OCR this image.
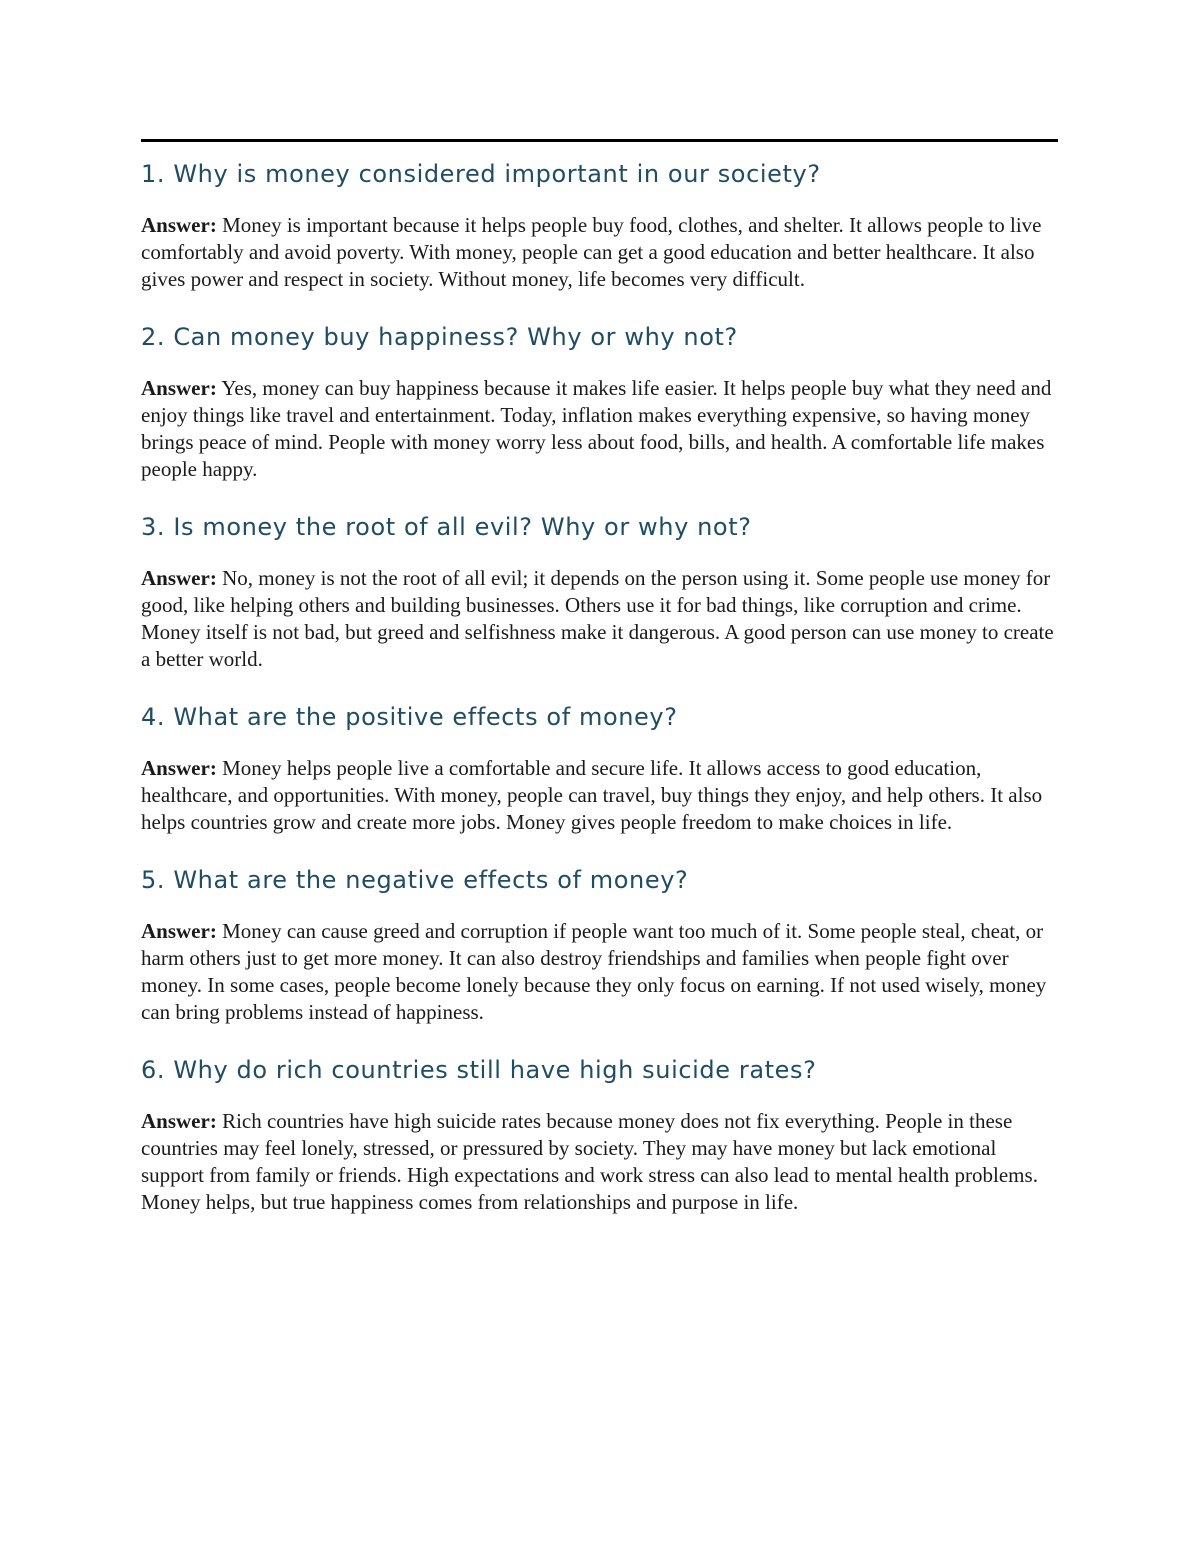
1. Why is money considered important in our society?

Answer: Money is important because it helps people buy food, clothes, and shelter. It allows people to live comfortably and avoid poverty. With money, people can get a good education and better healthcare. It also gives power and respect in society. Without money, life becomes very difficult.

2. Can money buy happiness? Why or why not?

Answer: Yes, money can buy happiness because it makes life easier. It helps people buy what they need and enjoy things like travel and entertainment. Today, inflation makes everything expensive, so having money brings peace of mind. People with money worry less about food, bills, and health. A comfortable life makes people happy.

3. Is money the root of all evil? Why or why not?

Answer: No, money is not the root of all evil; it depends on the person using it. Some people use money for good, like helping others and building businesses. Others use it for bad things, like corruption and crime. Money itself is not bad, but greed and selfishness make it dangerous. A good person can use money to create a better world.

4. What are the positive effects of money?

Answer: Money helps people live a comfortable and secure life. It allows access to good education, healthcare, and opportunities. With money, people can travel, buy things they enjoy, and help others. It also helps countries grow and create more jobs. Money gives people freedom to make choices in life.

5. What are the negative effects of money?

Answer: Money can cause greed and corruption if people want too much of it. Some people steal, cheat, or harm others just to get more money. It can also destroy friendships and families when people fight over money. In some cases, people become lonely because they only focus on earning. If not used wisely, money can bring problems instead of happiness.

6. Why do rich countries still have high suicide rates?

Answer: Rich countries have high suicide rates because money does not fix everything. People in these countries may feel lonely, stressed, or pressured by society. They may have money but lack emotional support from family or friends. High expectations and work stress can also lead to mental health problems. Money helps, but true happiness comes from relationships and purpose in life.
